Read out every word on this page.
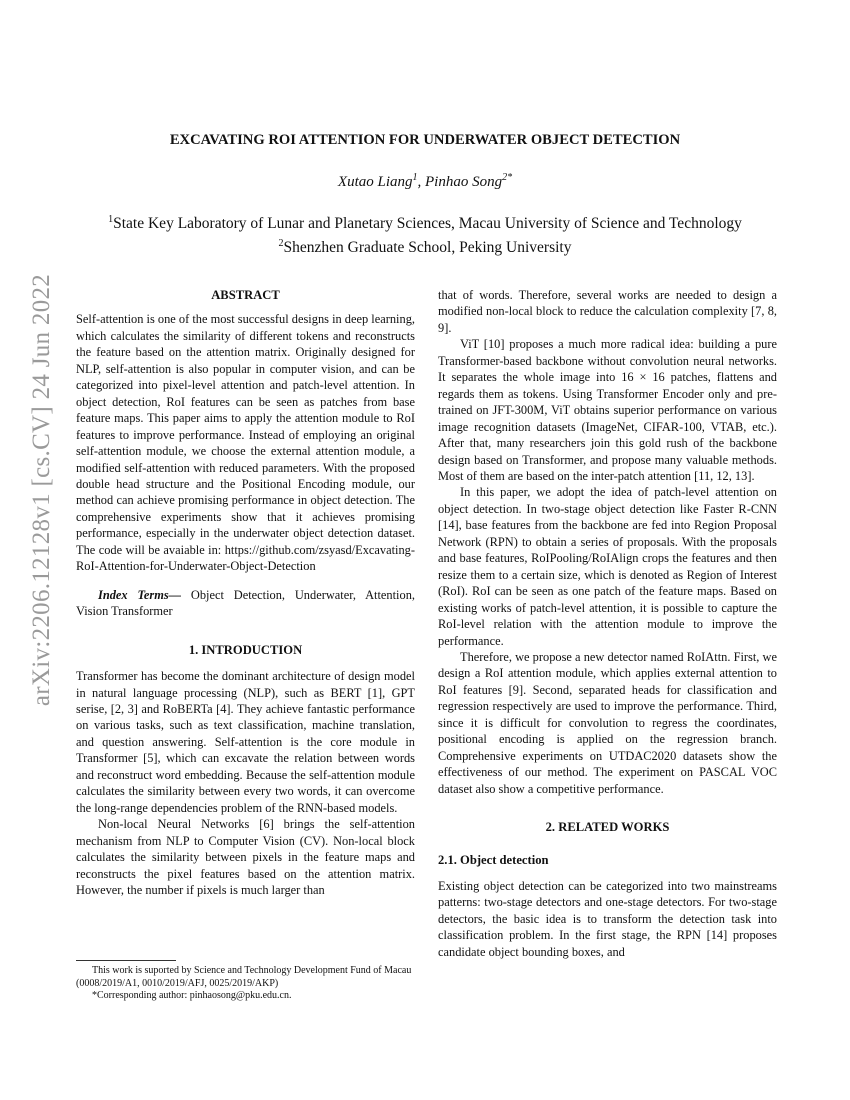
arXiv:2206.12128v1 [cs.CV] 24 Jun 2022
EXCAVATING ROI ATTENTION FOR UNDERWATER OBJECT DETECTION
Xutao Liang$^1$, Pinhao Song$^{2*}$
$^1$State Key Laboratory of Lunar and Planetary Sciences, Macau University of Science and Technology
$^2$Shenzhen Graduate School, Peking University
ABSTRACT

Self-attention is one of the most successful designs in deep learning, which calculates the similarity of different tokens and reconstructs the feature based on the attention matrix. Originally designed for NLP, self-attention is also popular in computer vision, and can be categorized into pixel-level attention and patch-level attention. In object detection, RoI features can be seen as patches from base feature maps. This paper aims to apply the attention module to RoI features to improve performance. Instead of employing an original self-attention module, we choose the external attention module, a modified self-attention with reduced parameters. With the proposed double head structure and the Positional Encoding module, our method can achieve promising performance in object detection. The comprehensive experiments show that it achieves promising performance, especially in the underwater object detection dataset. The code will be avaiable in: https://github.com/zsyasd/Excavating-RoI-Attention-for-Underwater-Object-Detection

Index Terms— Object Detection, Underwater, Attention, Vision Transformer

1. INTRODUCTION

Transformer has become the dominant architecture of design model in natural language processing (NLP), such as BERT [1], GPT serise, [2, 3] and RoBERTa [4]. They achieve fantastic performance on various tasks, such as text classification, machine translation, and question answering. Self-attention is the core module in Transformer [5], which can excavate the relation between words and reconstruct word embedding. Because the self-attention module calculates the similarity between every two words, it can overcome the long-range dependencies problem of the RNN-based models.

Non-local Neural Networks [6] brings the self-attention mechanism from NLP to Computer Vision (CV). Non-local block calculates the similarity between pixels in the feature maps and reconstructs the pixel features based on the attention matrix. However, the number if pixels is much larger than

that of words. Therefore, several works are needed to design a modified non-local block to reduce the calculation complexity [7, 8, 9].

ViT [10] proposes a much more radical idea: building a pure Transformer-based backbone without convolution neural networks. It separates the whole image into 16 × 16 patches, flattens and regards them as tokens. Using Transformer Encoder only and pre-trained on JFT-300M, ViT obtains superior performance on various image recognition datasets (ImageNet, CIFAR-100, VTAB, etc.). After that, many researchers join this gold rush of the backbone design based on Transformer, and propose many valuable methods. Most of them are based on the inter-patch attention [11, 12, 13].

In this paper, we adopt the idea of patch-level attention on object detection. In two-stage object detection like Faster R-CNN [14], base features from the backbone are fed into Region Proposal Network (RPN) to obtain a series of proposals. With the proposals and base features, RoIPooling/RoIAlign crops the features and then resize them to a certain size, which is denoted as Region of Interest (RoI). RoI can be seen as one patch of the feature maps. Based on existing works of patch-level attention, it is possible to capture the RoI-level relation with the attention module to improve the performance.

Therefore, we propose a new detector named RoIAttn. First, we design a RoI attention module, which applies external attention to RoI features [9]. Second, separated heads for classification and regression respectively are used to improve the performance. Third, since it is difficult for convolution to regress the coordinates, positional encoding is applied on the regression branch. Comprehensive experiments on UTDAC2020 datasets show the effectiveness of our method. The experiment on PASCAL VOC dataset also show a competitive performance.

2. RELATED WORKS
2.1. Object detection

Existing object detection can be categorized into two mainstreams patterns: two-stage detectors and one-stage detectors. For two-stage detectors, the basic idea is to transform the detection task into classification problem. In the first stage, the RPN [14] proposes candidate object bounding boxes, and

This work is suported by Science and Technology Development Fund of Macau (0008/2019/A1, 0010/2019/AFJ, 0025/2019/AKP)

*Corresponding author: pinhaosong@pku.edu.cn.
